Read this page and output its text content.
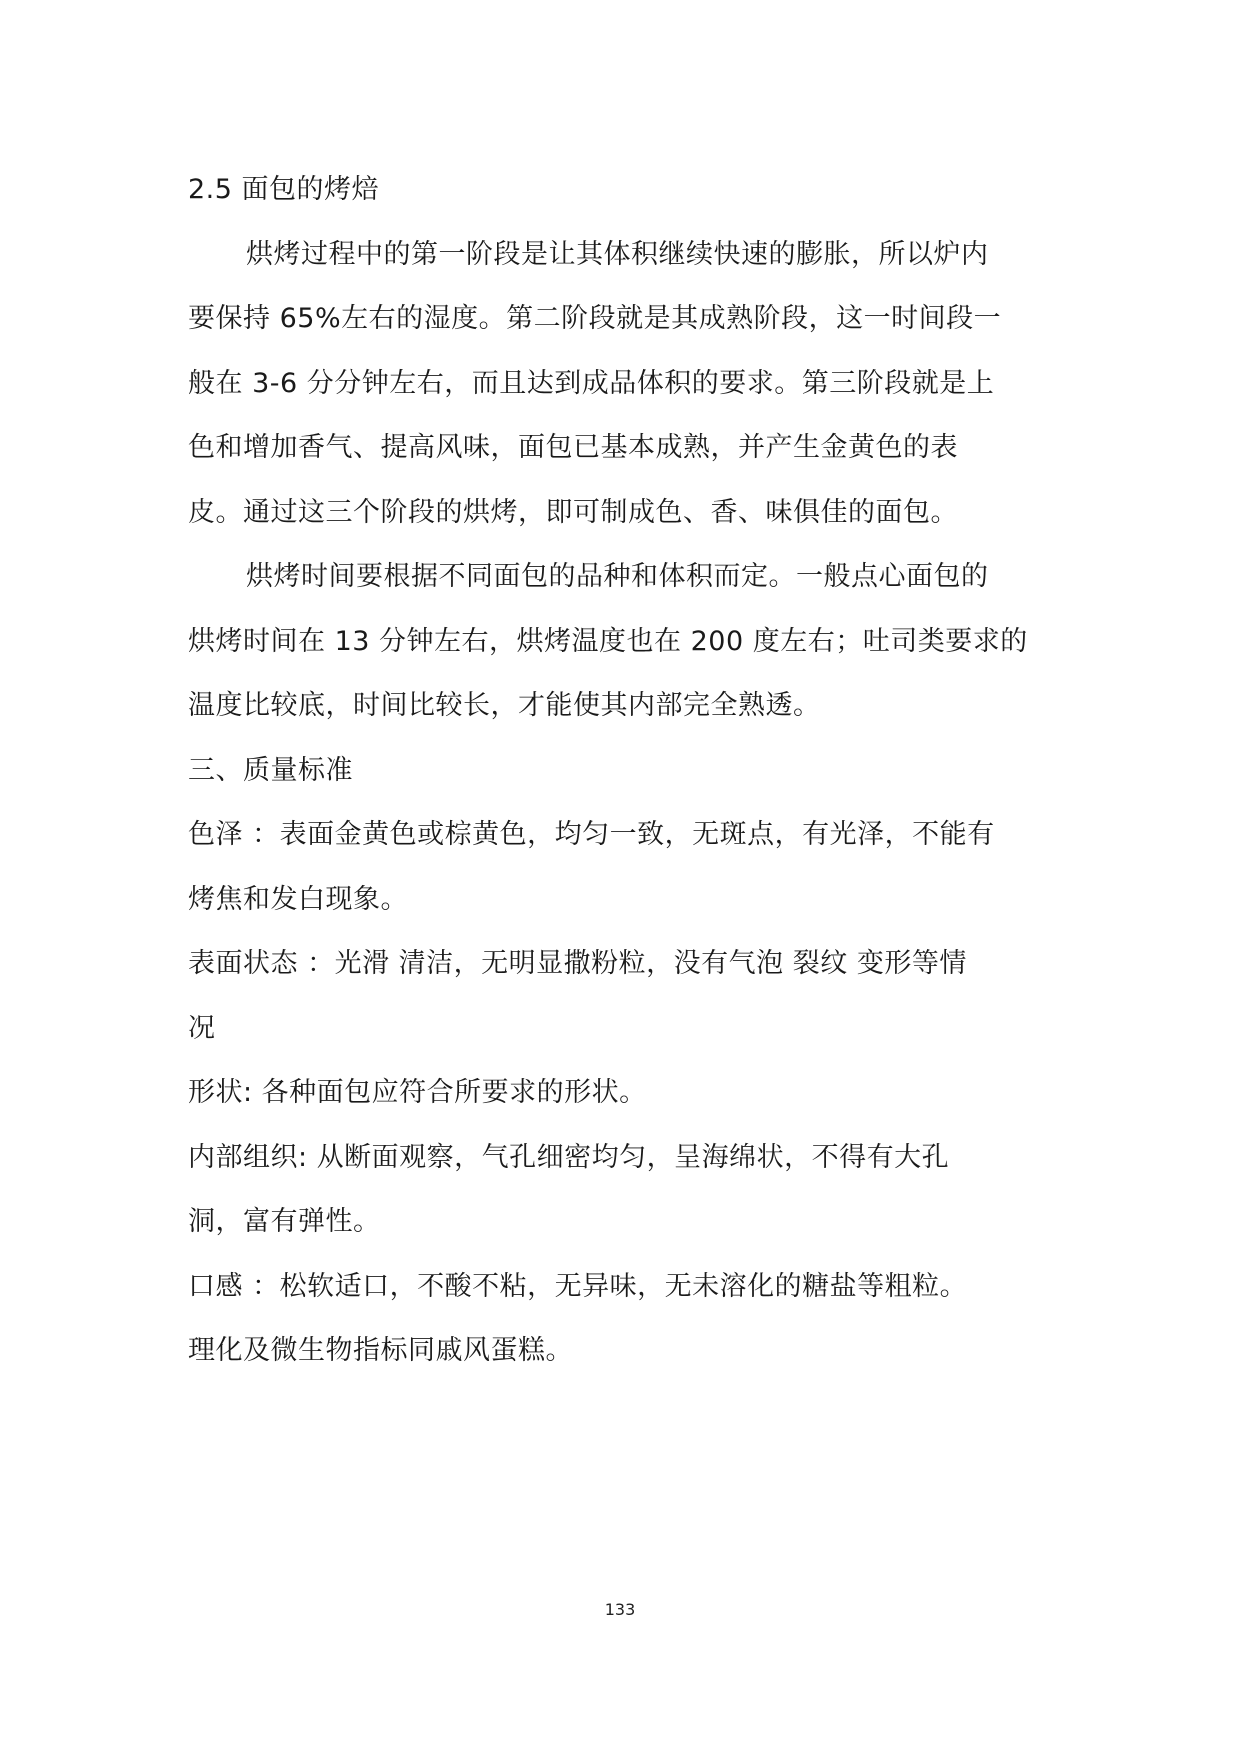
2.5 面包的烤焙
烘烤过程中的第一阶段是让其体积继续快速的膨胀，所以炉内
要保持 65%左右的湿度。第二阶段就是其成熟阶段，这一时间段一
般在 3-6 分分钟左右，而且达到成品体积的要求。第三阶段就是上
色和增加香气、提高风味，面包已基本成熟，并产生金黄色的表
皮。通过这三个阶段的烘烤，即可制成色、香、味俱佳的面包。
烘烤时间要根据不同面包的品种和体积而定。一般点心面包的
烘烤时间在 13 分钟左右，烘烤温度也在 200 度左右；吐司类要求的
温度比较底，时间比较长，才能使其内部完全熟透。
三、质量标准
色泽 ：表面金黄色或棕黄色，均匀一致，无斑点，有光泽，不能有
烤焦和发白现象。
表面状态 ：光滑 清洁，无明显撒粉粒，没有气泡 裂纹 变形等情
况
形状: 各种面包应符合所要求的形状。
内部组织: 从断面观察，气孔细密均匀，呈海绵状，不得有大孔
洞，富有弹性。
口感 ：松软适口，不酸不粘，无异味，无未溶化的糖盐等粗粒。
理化及微生物指标同戚风蛋糕。
133
